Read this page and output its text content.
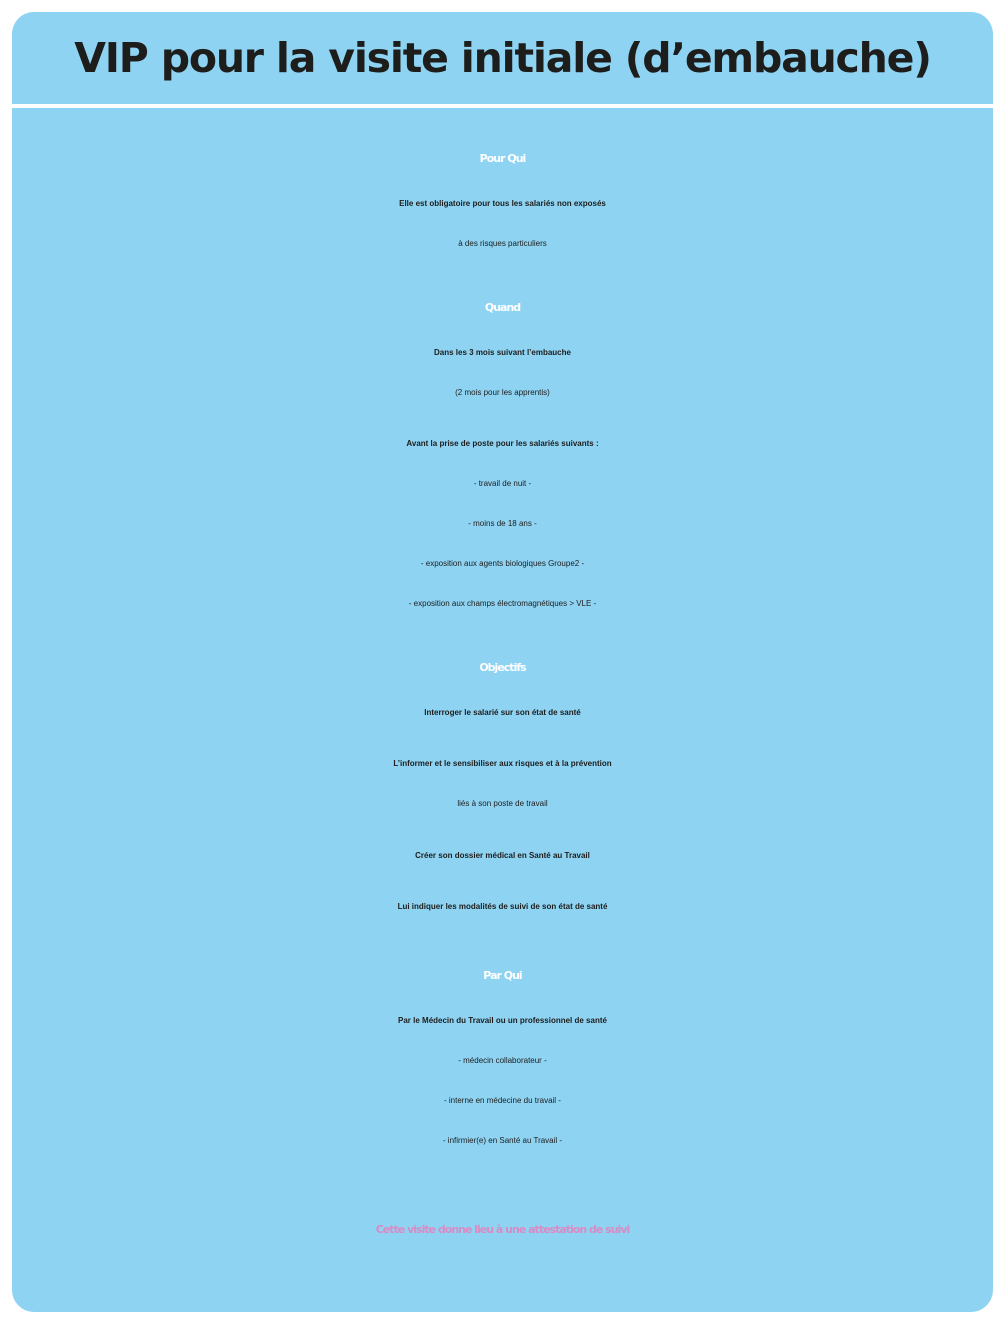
VIP pour la visite initiale (d’embauche)
Pour Qui
Elle est obligatoire pour tous les salariés non exposés
à des risques particuliers
Quand
Dans les 3 mois suivant l’embauche
(2 mois pour les apprentis)
Avant la prise de poste pour les salariés suivants :
- travail de nuit -
- moins de 18 ans -
- exposition aux agents biologiques Groupe2 -
- exposition aux champs électromagnétiques > VLE -
Objectifs
Interroger le salarié sur son état de santé
L’informer et le sensibiliser aux risques et à la prévention
liés à son poste de travail
Créer son dossier médical en Santé au Travail
Lui indiquer les modalités de suivi de son état de santé
Par Qui
Par le Médecin du Travail ou un professionnel de santé
- médecin collaborateur -
- interne en médecine du travail -
- infirmier(e) en Santé au Travail -
Cette visite donne lieu à une attestation de suivi
